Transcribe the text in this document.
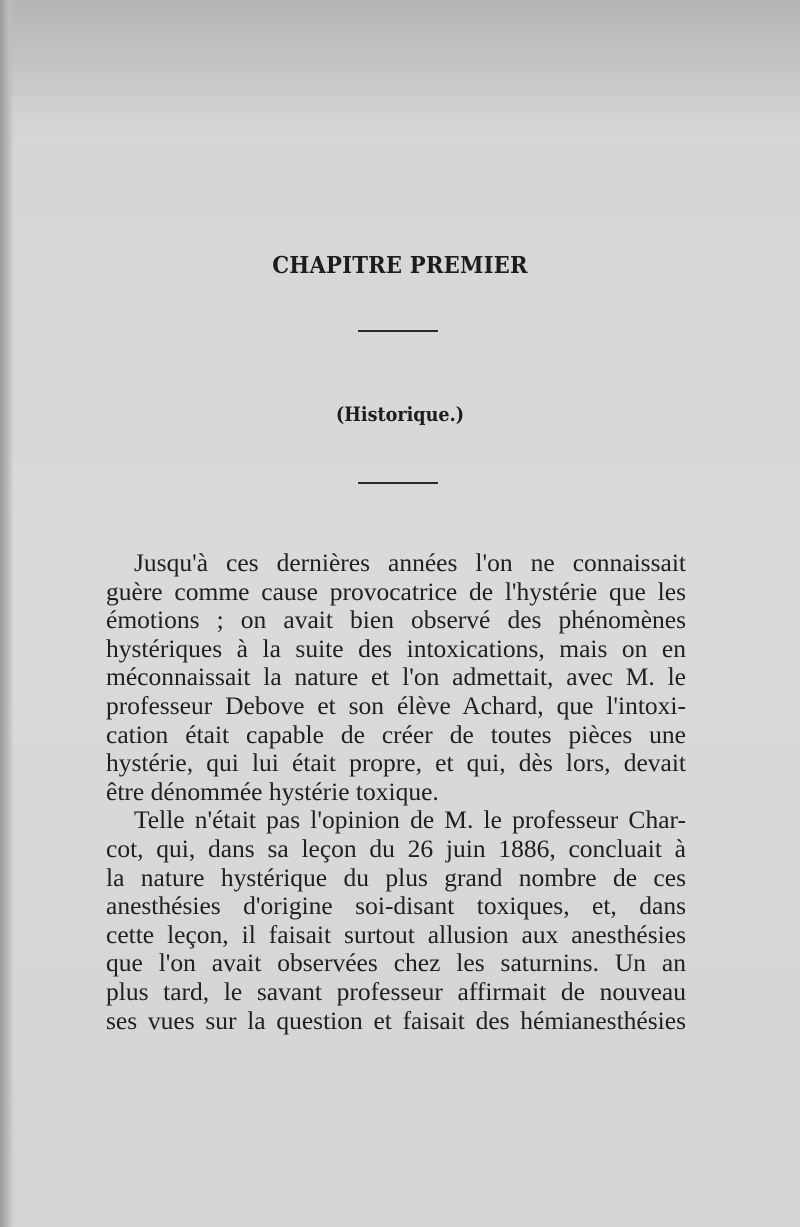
CHAPITRE PREMIER
(Historique.)

Jusqu'à ces dernières années l'on ne connaissait
guère comme cause provocatrice de l'hystérie que les
émotions ; on avait bien observé des phénomènes
hystériques à la suite des intoxications, mais on en
méconnaissait la nature et l'on admettait, avec M. le
professeur Debove et son élève Achard, que l'intoxi-
cation était capable de créer de toutes pièces une
hystérie, qui lui était propre, et qui, dès lors, devait
être dénommée hystérie toxique.

Telle n'était pas l'opinion de M. le professeur Char-
cot, qui, dans sa leçon du 26 juin 1886, concluait à
la nature hystérique du plus grand nombre de ces
anesthésies d'origine soi-disant toxiques, et, dans
cette leçon, il faisait surtout allusion aux anesthésies
que l'on avait observées chez les saturnins. Un an
plus tard, le savant professeur affirmait de nouveau
ses vues sur la question et faisait des hémianesthésies
